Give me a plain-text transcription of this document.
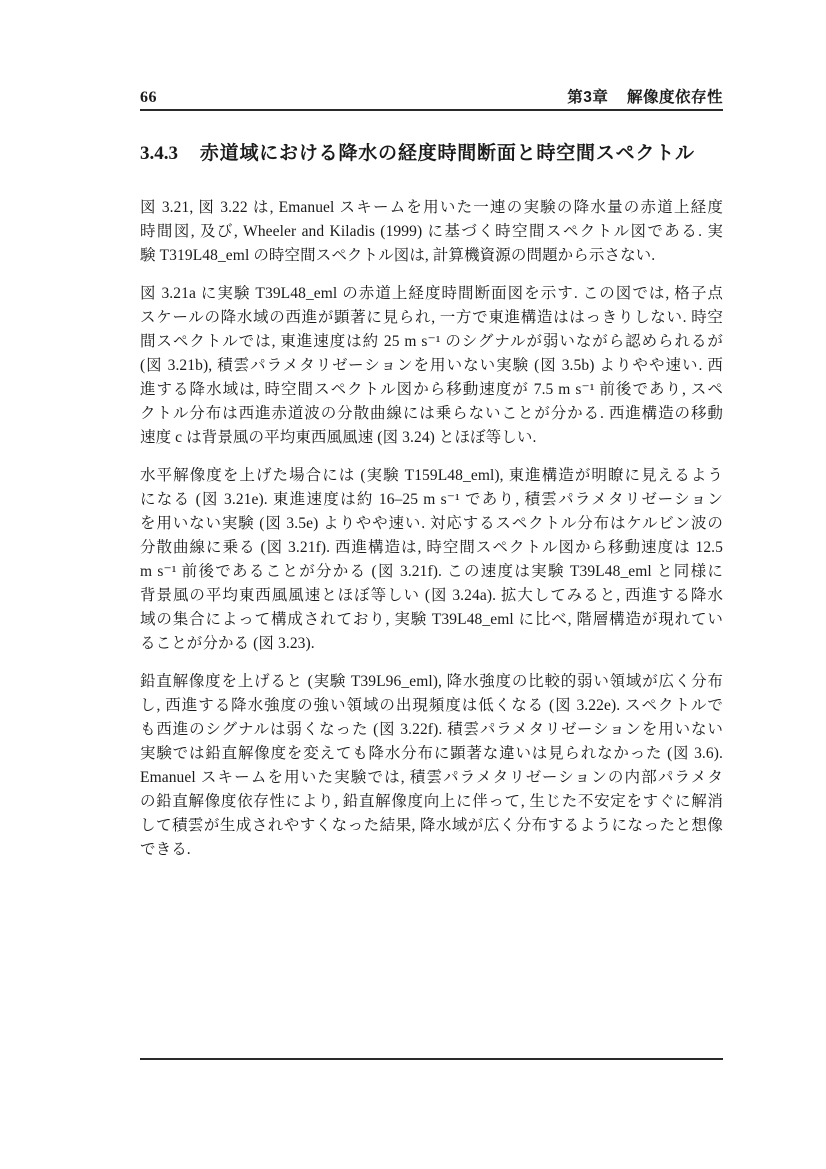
66	第3章 解像度依存性
3.4.3 赤道域における降水の経度時間断面と時空間スペクトル
図 3.21, 図 3.22 は, Emanuel スキームを用いた一連の実験の降水量の赤道上経度
時間図, 及び, Wheeler and Kiladis (1999) に基づく時空間スペクトル図である. 実
験 T319L48_eml の時空間スペクトル図は, 計算機資源の問題から示さない.
図 3.21a に実験 T39L48_eml の赤道上経度時間断面図を示す. この図では, 格子点
スケールの降水域の西進が顕著に見られ, 一方で東進構造ははっきりしない. 時空
間スペクトルでは, 東進速度は約 25 m s⁻¹ のシグナルが弱いながら認められるが
(図 3.21b), 積雲パラメタリゼーションを用いない実験 (図 3.5b) よりやや速い. 西
進する降水域は, 時空間スペクトル図から移動速度が 7.5 m s⁻¹ 前後であり, スペ
クトル分布は西進赤道波の分散曲線には乗らないことが分かる. 西進構造の移動
速度 c は背景風の平均東西風風速 (図 3.24) とほぼ等しい.
水平解像度を上げた場合には (実験 T159L48_eml), 東進構造が明瞭に見えるよう
になる (図 3.21e). 東進速度は約 16–25 m s⁻¹ であり, 積雲パラメタリゼーション
を用いない実験 (図 3.5e) よりやや速い. 対応するスペクトル分布はケルビン波の
分散曲線に乗る (図 3.21f). 西進構造は, 時空間スペクトル図から移動速度は 12.5
m s⁻¹ 前後であることが分かる (図 3.21f). この速度は実験 T39L48_eml と同様に
背景風の平均東西風風速とほぼ等しい (図 3.24a). 拡大してみると, 西進する降水
域の集合によって構成されており, 実験 T39L48_eml に比べ, 階層構造が現れてい
ることが分かる (図 3.23).
鉛直解像度を上げると (実験 T39L96_eml), 降水強度の比較的弱い領域が広く分布
し, 西進する降水強度の強い領域の出現頻度は低くなる (図 3.22e). スペクトルで
も西進のシグナルは弱くなった (図 3.22f). 積雲パラメタリゼーションを用いない
実験では鉛直解像度を変えても降水分布に顕著な違いは見られなかった (図 3.6).
Emanuel スキームを用いた実験では, 積雲パラメタリゼーションの内部パラメタ
の鉛直解像度依存性により, 鉛直解像度向上に伴って, 生じた不安定をすぐに解消
して積雲が生成されやすくなった結果, 降水域が広く分布するようになったと想像
できる.
